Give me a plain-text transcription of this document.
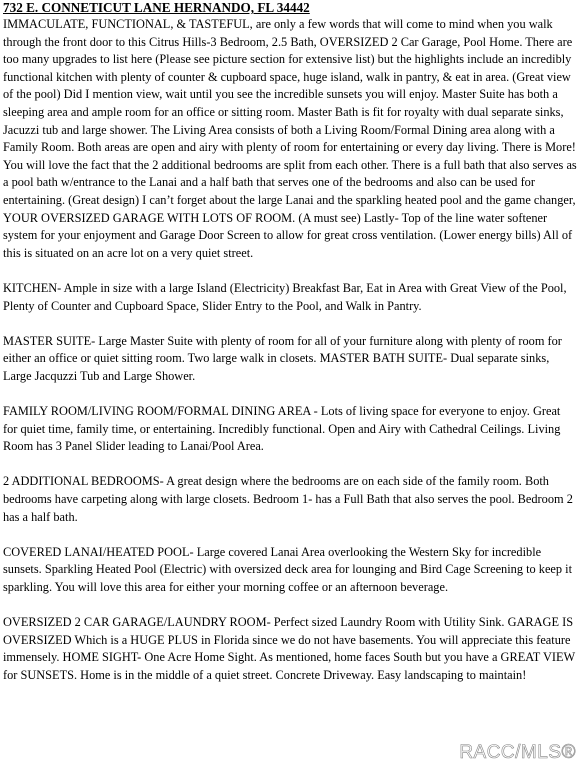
732 E. CONNETICUT LANE HERNANDO, FL 34442

IMMACULATE, FUNCTIONAL, & TASTEFUL, are only a few words that will come to mind when you walk through the front door to this Citrus Hills-3 Bedroom, 2.5 Bath, OVERSIZED 2 Car Garage, Pool Home. There are too many upgrades to list here (Please see picture section for extensive list) but the highlights include an incredibly functional kitchen with plenty of counter & cupboard space, huge island, walk in pantry, & eat in area. (Great view of the pool) Did I mention view, wait until you see the incredible sunsets you will enjoy. Master Suite has both a sleeping area and ample room for an office or sitting room. Master Bath is fit for royalty with dual separate sinks, Jacuzzi tub and large shower. The Living Area consists of both a Living Room/Formal Dining area along with a Family Room. Both areas are open and airy with plenty of room for entertaining or every day living. There is More! You will love the fact that the 2 additional bedrooms are split from each other. There is a full bath that also serves as a pool bath w/entrance to the Lanai and a half bath that serves one of the bedrooms and also can be used for entertaining. (Great design) I can’t forget about the large Lanai and the sparkling heated pool and the game changer, YOUR OVERSIZED GARAGE WITH LOTS OF ROOM. (A must see) Lastly- Top of the line water softener system for your enjoyment and Garage Door Screen to allow for great cross ventilation. (Lower energy bills) All of this is situated on an acre lot on a very quiet street.

KITCHEN- Ample in size with a large Island (Electricity) Breakfast Bar, Eat in Area with Great View of the Pool, Plenty of Counter and Cupboard Space, Slider Entry to the Pool, and Walk in Pantry.

MASTER SUITE- Large Master Suite with plenty of room for all of your furniture along with plenty of room for either an office or quiet sitting room. Two large walk in closets. MASTER BATH SUITE- Dual separate sinks, Large Jacquzzi Tub and Large Shower.

FAMILY ROOM/LIVING ROOM/FORMAL DINING AREA - Lots of living space for everyone to enjoy. Great for quiet time, family time, or entertaining. Incredibly functional. Open and Airy with Cathedral Ceilings. Living Room has 3 Panel Slider leading to Lanai/Pool Area.

2 ADDITIONAL BEDROOMS- A great design where the bedrooms are on each side of the family room. Both bedrooms have carpeting along with large closets. Bedroom 1- has a Full Bath that also serves the pool. Bedroom 2 has a half bath.

COVERED LANAI/HEATED POOL- Large covered Lanai Area overlooking the Western Sky for incredible sunsets. Sparkling Heated Pool (Electric) with oversized deck area for lounging and Bird Cage Screening to keep it sparkling. You will love this area for either your morning coffee or an afternoon beverage.

OVERSIZED 2 CAR GARAGE/LAUNDRY ROOM- Perfect sized Laundry Room with Utility Sink. GARAGE IS OVERSIZED Which is a HUGE PLUS in Florida since we do not have basements. You will appreciate this feature immensely. HOME SIGHT- One Acre Home Sight. As mentioned, home faces South but you have a GREAT VIEW for SUNSETS. Home is in the middle of a quiet street. Concrete Driveway. Easy landscaping to maintain!

RACC/MLS®
